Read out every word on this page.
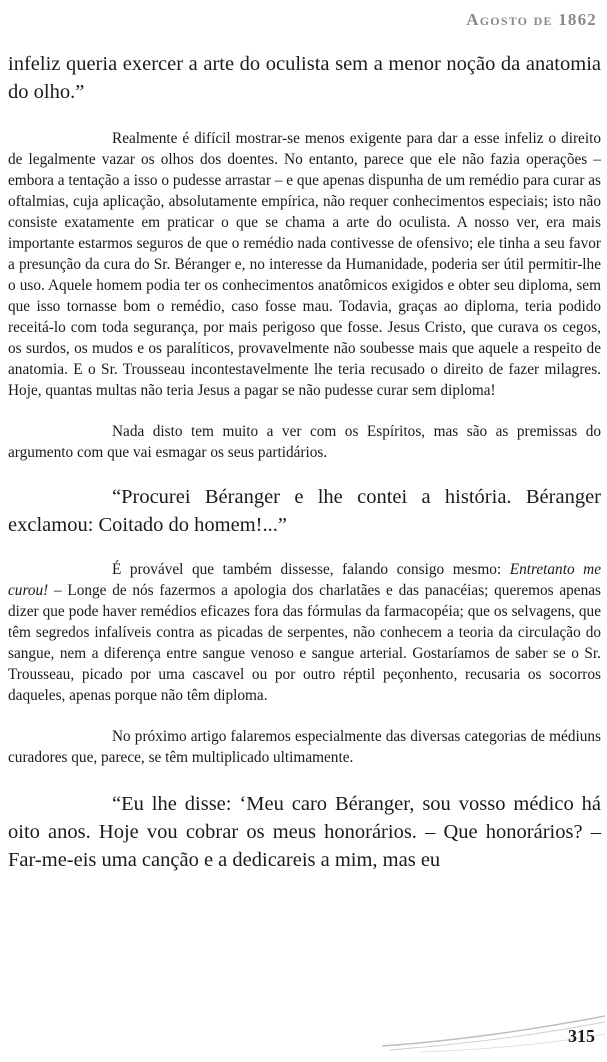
Agosto de 1862

infeliz queria exercer a arte do oculista sem a menor noção da anatomia do olho.”

Realmente é difícil mostrar-se menos exigente para dar a esse infeliz o direito de legalmente vazar os olhos dos doentes. No entanto, parece que ele não fazia operações – embora a tentação a isso o pudesse arrastar – e que apenas dispunha de um remédio para curar as oftalmias, cuja aplicação, absolutamente empírica, não requer conhecimentos especiais; isto não consiste exatamente em praticar o que se chama a arte do oculista. A nosso ver, era mais importante estarmos seguros de que o remédio nada contivesse de ofensivo; ele tinha a seu favor a presunção da cura do Sr. Béranger e, no interesse da Humanidade, poderia ser útil permitir-lhe o uso. Aquele homem podia ter os conhecimentos anatômicos exigidos e obter seu diploma, sem que isso tornasse bom o remédio, caso fosse mau. Todavia, graças ao diploma, teria podido receitá-lo com toda segurança, por mais perigoso que fosse. Jesus Cristo, que curava os cegos, os surdos, os mudos e os paralíticos, provavelmente não soubesse mais que aquele a respeito de anatomia. E o Sr. Trousseau incontestavelmente lhe teria recusado o direito de fazer milagres. Hoje, quantas multas não teria Jesus a pagar se não pudesse curar sem diploma!

Nada disto tem muito a ver com os Espíritos, mas são as premissas do argumento com que vai esmagar os seus partidários.

“Procurei Béranger e lhe contei a história. Béranger exclamou: Coitado do homem!...”

É provável que também dissesse, falando consigo mesmo: Entretanto me curou! – Longe de nós fazermos a apologia dos charlatães e das panacéias; queremos apenas dizer que pode haver remédios eficazes fora das fórmulas da farmacopéia; que os selvagens, que têm segredos infalíveis contra as picadas de serpentes, não conhecem a teoria da circulação do sangue, nem a diferença entre sangue venoso e sangue arterial. Gostaríamos de saber se o Sr. Trousseau, picado por uma cascavel ou por outro réptil peçonhento, recusaria os socorros daqueles, apenas porque não têm diploma.

No próximo artigo falaremos especialmente das diversas categorias de médiuns curadores que, parece, se têm multiplicado ultimamente.

“Eu lhe disse: ‘Meu caro Béranger, sou vosso médico há oito anos. Hoje vou cobrar os meus honorários. – Que honorários? – Far-me-eis uma canção e a dedicareis a mim, mas eu

315
